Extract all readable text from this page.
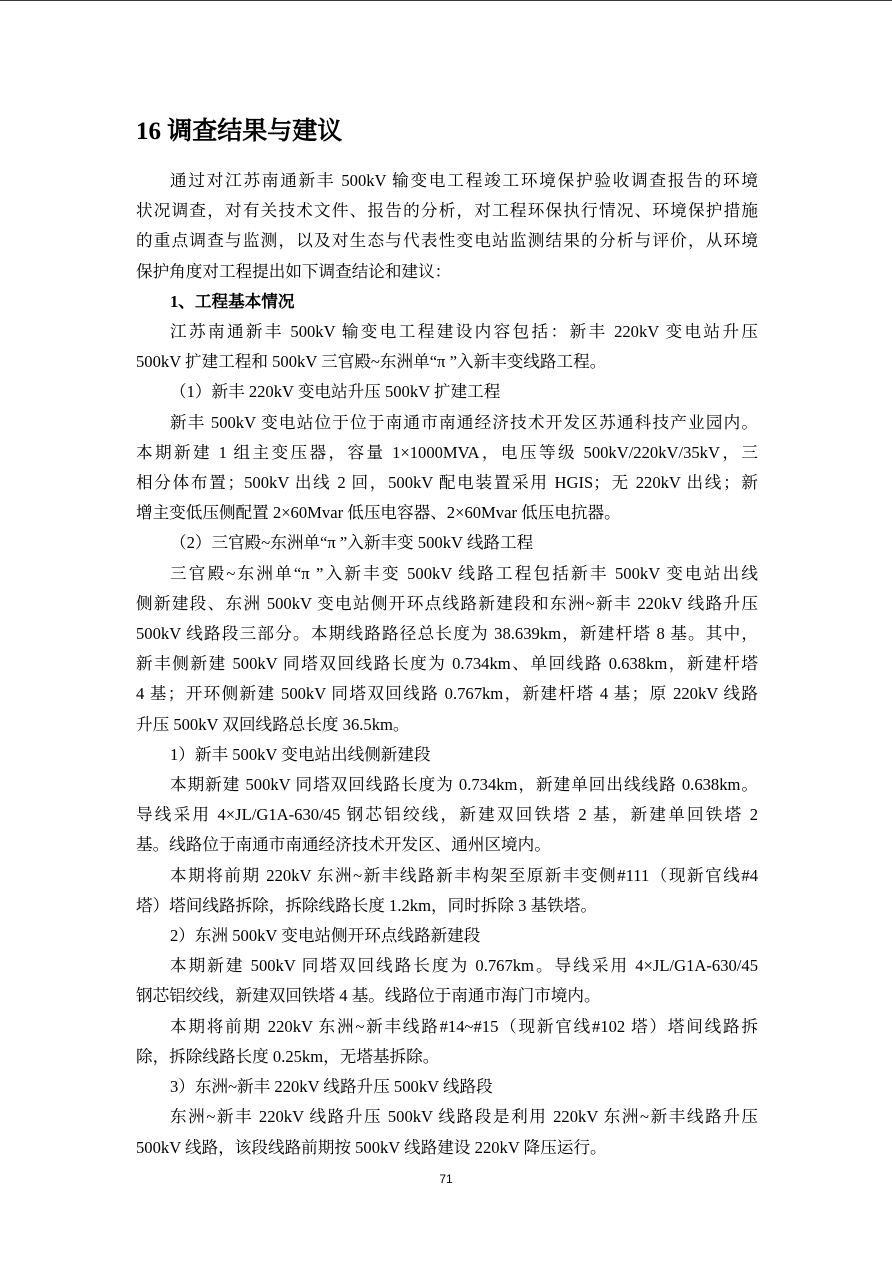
16 调查结果与建议
通过对江苏南通新丰 500kV 输变电工程竣工环境保护验收调查报告的环境
状况调查，对有关技术文件、报告的分析，对工程环保执行情况、环境保护措施
的重点调查与监测，以及对生态与代表性变电站监测结果的分析与评价，从环境
保护角度对工程提出如下调查结论和建议：
1、工程基本情况
江苏南通新丰 500kV 输变电工程建设内容包括：新丰 220kV 变电站升压
500kV 扩建工程和 500kV 三官殿~东洲单“π ”入新丰变线路工程。
（1）新丰 220kV 变电站升压 500kV 扩建工程
新丰 500kV 变电站位于位于南通市南通经济技术开发区苏通科技产业园内。
本期新建 1 组主变压器，容量 1×1000MVA，电压等级 500kV/220kV/35kV，三
相分体布置；500kV 出线 2 回，500kV 配电装置采用 HGIS；无 220kV 出线；新
增主变低压侧配置 2×60Mvar 低压电容器、2×60Mvar 低压电抗器。
（2）三官殿~东洲单“π ”入新丰变 500kV 线路工程
三官殿~东洲单“π ”入新丰变 500kV 线路工程包括新丰 500kV 变电站出线
侧新建段、东洲 500kV 变电站侧开环点线路新建段和东洲~新丰 220kV 线路升压
500kV 线路段三部分。本期线路路径总长度为 38.639km，新建杆塔 8 基。其中，
新丰侧新建 500kV 同塔双回线路长度为 0.734km、单回线路 0.638km，新建杆塔
4 基；开环侧新建 500kV 同塔双回线路 0.767km，新建杆塔 4 基；原 220kV 线路
升压 500kV 双回线路总长度 36.5km。
1）新丰 500kV 变电站出线侧新建段
本期新建 500kV 同塔双回线路长度为 0.734km，新建单回出线线路 0.638km。
导线采用 4×JL/G1A-630/45 钢芯铝绞线，新建双回铁塔 2 基，新建单回铁塔 2
基。线路位于南通市南通经济技术开发区、通州区境内。
本期将前期 220kV 东洲~新丰线路新丰构架至原新丰变侧#111（现新官线#4
塔）塔间线路拆除，拆除线路长度 1.2km，同时拆除 3 基铁塔。
2）东洲 500kV 变电站侧开环点线路新建段
本期新建 500kV 同塔双回线路长度为 0.767km。导线采用 4×JL/G1A-630/45
钢芯铝绞线，新建双回铁塔 4 基。线路位于南通市海门市境内。
本期将前期 220kV 东洲~新丰线路#14~#15（现新官线#102 塔）塔间线路拆
除，拆除线路长度 0.25km，无塔基拆除。
3）东洲~新丰 220kV 线路升压 500kV 线路段
东洲~新丰 220kV 线路升压 500kV 线路段是利用 220kV 东洲~新丰线路升压
500kV 线路，该段线路前期按 500kV 线路建设 220kV 降压运行。
71
